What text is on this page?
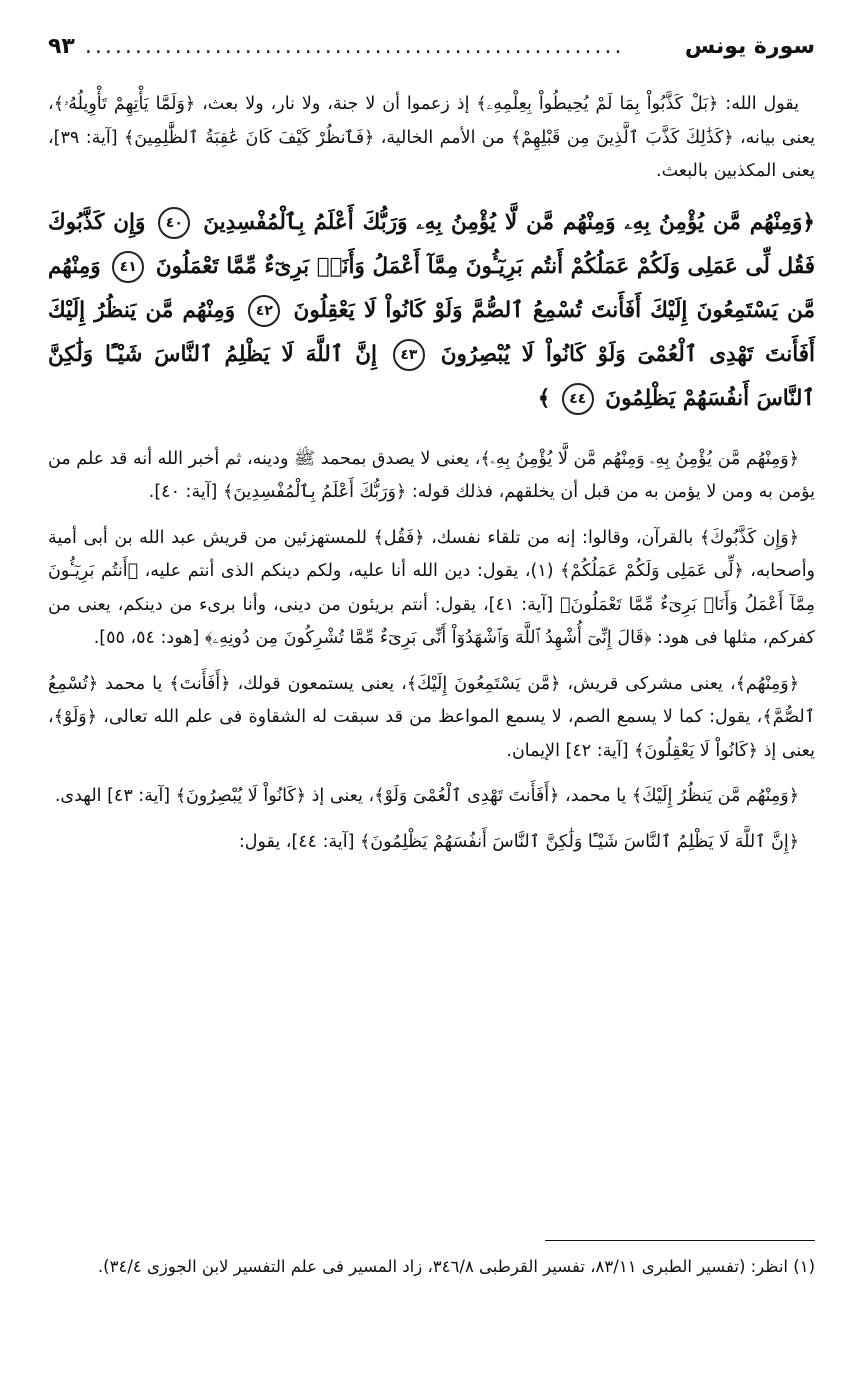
سورة يونس
......................................................
٩٣

يقول الله: ﴿بَلْ كَذَّبُواْ بِمَا لَمْ يُحِيطُواْ بِعِلْمِهِۦ﴾ إذ زعموا أن لا جنة، ولا نار، ولا بعث، ﴿وَلَمَّا يَأْتِهِمْ تَأْوِيلُهُۥ﴾، يعنى بيانه، ﴿كَذَٰلِكَ كَذَّبَ ٱلَّذِينَ مِن قَبْلِهِمْ﴾ من الأمم الخالية، ﴿فَٱنظُرْ كَيْفَ كَانَ عَٰقِبَةُ ٱلظَّٰلِمِينَ﴾ [آية: ٣٩]، يعنى المكذبين بالبعث.

﴿وَمِنْهُم مَّن يُؤْمِنُ بِهِۦ وَمِنْهُم مَّن لَّا يُؤْمِنُ بِهِۦ وَرَبُّكَ أَعْلَمُ بِٱلْمُفْسِدِينَ ٤٠ وَإِن كَذَّبُوكَ فَقُل لِّى عَمَلِى وَلَكُمْ عَمَلُكُمْ أَنتُم بَرِيٓـُٔونَ مِمَّآ أَعْمَلُ وَأَنَا۠ بَرِىٓءٌ مِّمَّا تَعْمَلُونَ ٤١ وَمِنْهُم مَّن يَسْتَمِعُونَ إِلَيْكَ أَفَأَنتَ تُسْمِعُ ٱلصُّمَّ وَلَوْ كَانُواْ لَا يَعْقِلُونَ ٤٢ وَمِنْهُم مَّن يَنظُرُ إِلَيْكَ أَفَأَنتَ تَهْدِى ٱلْعُمْىَ وَلَوْ كَانُواْ لَا يُبْصِرُونَ ٤٣ إِنَّ ٱللَّهَ لَا يَظْلِمُ ٱلنَّاسَ شَيْـًٔا وَلَٰكِنَّ ٱلنَّاسَ أَنفُسَهُمْ يَظْلِمُونَ ٤٤ ﴾

﴿وَمِنْهُم مَّن يُؤْمِنُ بِهِۦ وَمِنْهُم مَّن لَّا يُؤْمِنُ بِهِۦ﴾، يعنى لا يصدق بمحمد ﷺ ودينه، ثم أخبر الله أنه قد علم من يؤمن به ومن لا يؤمن به من قبل أن يخلقهم، فذلك قوله: ﴿وَرَبُّكَ أَعْلَمُ بِٱلْمُفْسِدِينَ﴾ [آية: ٤٠].

﴿وَإِن كَذَّبُوكَ﴾ بالقرآن، وقالوا: إنه من تلقاء نفسك، ﴿فَقُل﴾ للمستهزئين من قريش عبد الله بن أبى أمية وأصحابه، ﴿لِّى عَمَلِى وَلَكُمْ عَمَلُكُمْ﴾ (١)، يقول: دين الله أنا عليه، ولكم دينكم الذى أنتم عليه، ﴿أَنتُم بَرِيٓـُٔونَ مِمَّآ أَعْمَلُ وَأَنَا۠ بَرِىٓءٌ مِّمَّا تَعْمَلُونَ﴾ [آية: ٤١]، يقول: أنتم بريئون من دينى، وأنا برىء من دينكم، يعنى من كفركم، مثلها فى هود: ﴿قَالَ إِنِّىٓ أُشْهِدُ ٱللَّهَ وَٱشْهَدُوٓاْ أَنِّى بَرِىٓءٌ مِّمَّا تُشْرِكُونَ مِن دُونِهِۦ﴾ [هود: ٥٤، ٥٥].

﴿وَمِنْهُم﴾، يعنى مشركى قريش، ﴿مَّن يَسْتَمِعُونَ إِلَيْكَ﴾، يعنى يستمعون قولك، ﴿أَفَأَنتَ﴾ يا محمد ﴿تُسْمِعُ ٱلصُّمَّ﴾، يقول: كما لا يسمع الصم، لا يسمع المواعظ من قد سبقت له الشقاوة فى علم الله تعالى، ﴿وَلَوْ﴾، يعنى إذ ﴿كَانُواْ لَا يَعْقِلُونَ﴾ [آية: ٤٢] الإيمان.

﴿وَمِنْهُم مَّن يَنظُرُ إِلَيْكَ﴾ يا محمد، ﴿أَفَأَنتَ تَهْدِى ٱلْعُمْىَ وَلَوْ﴾، يعنى إذ ﴿كَانُواْ لَا يُبْصِرُونَ﴾ [آية: ٤٣] الهدى.

﴿إِنَّ ٱللَّهَ لَا يَظْلِمُ ٱلنَّاسَ شَيْـًٔا وَلَٰكِنَّ ٱلنَّاسَ أَنفُسَهُمْ يَظْلِمُونَ﴾ [آية: ٤٤]، يقول:

(١) انظر: (تفسير الطبرى ٨٣/١١، تفسير القرطبى ٣٤٦/٨، زاد المسير فى علم التفسير لابن الجوزى ٣٤/٤).
